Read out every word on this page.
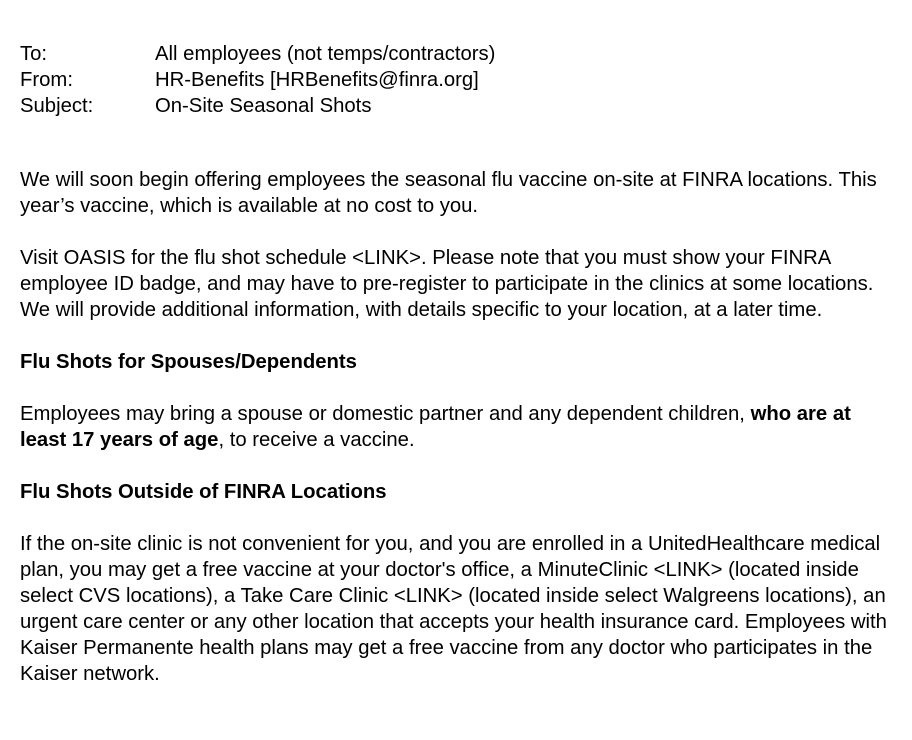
To:	All employees (not temps/contractors)
From:	HR-Benefits [HRBenefits@finra.org]
Subject:	On-Site Seasonal Shots

We will soon begin offering employees the seasonal flu vaccine on-site at FINRA locations. This year’s vaccine, which is available at no cost to you.

Visit OASIS for the flu shot schedule <LINK>. Please note that you must show your FINRA employee ID badge, and may have to pre-register to participate in the clinics at some locations. We will provide additional information, with details specific to your location, at a later time.

Flu Shots for Spouses/Dependents

Employees may bring a spouse or domestic partner and any dependent children, who are at least 17 years of age, to receive a vaccine.

Flu Shots Outside of FINRA Locations

If the on-site clinic is not convenient for you, and you are enrolled in a UnitedHealthcare medical plan, you may get a free vaccine at your doctor's office, a MinuteClinic <LINK> (located inside select CVS locations), a Take Care Clinic <LINK> (located inside select Walgreens locations), an urgent care center or any other location that accepts your health insurance card. Employees with Kaiser Permanente health plans may get a free vaccine from any doctor who participates in the Kaiser network.
